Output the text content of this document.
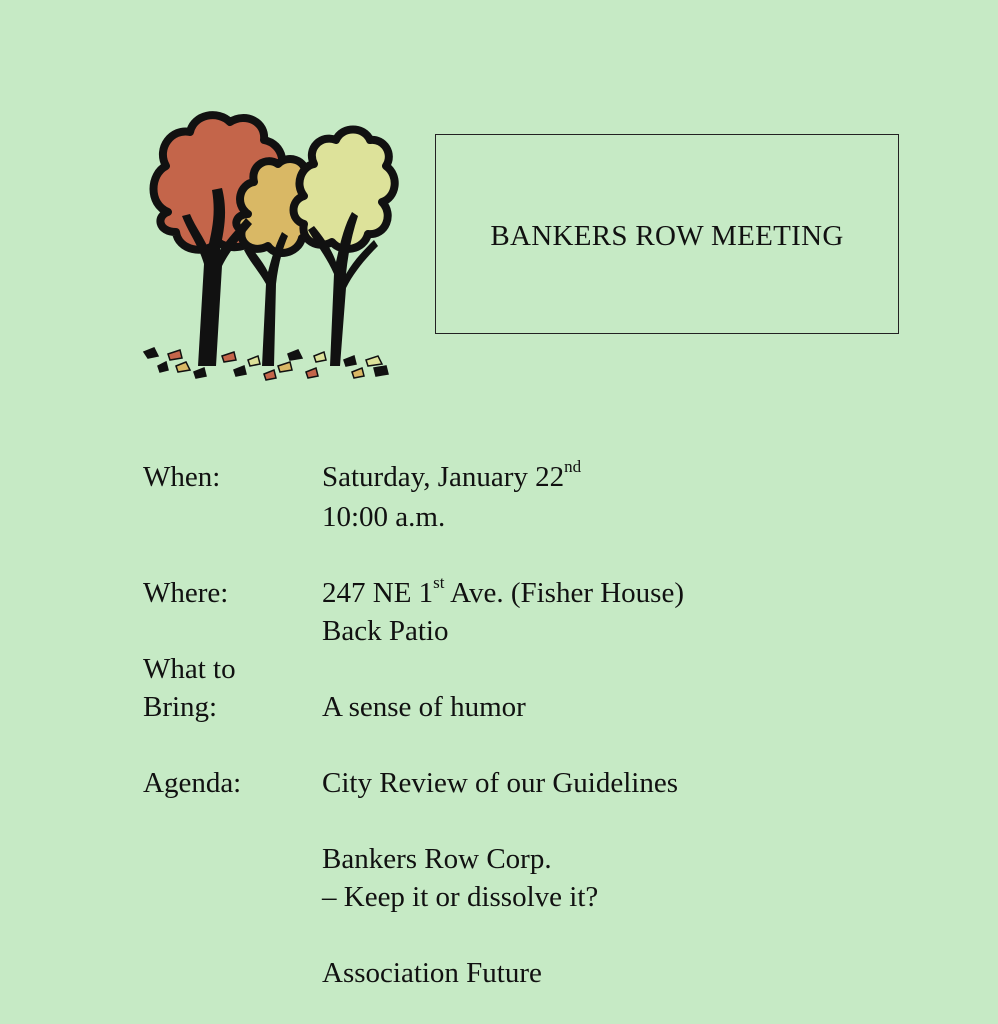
BANKERS ROW MEETING
When:	Saturday, January 22nd
10:00 a.m.
Where:	247 NE 1st Ave. (Fisher House)
Back Patio
What to
Bring:	A sense of humor
Agenda:	City Review of our Guidelines
Bankers Row Corp.
– Keep it or dissolve it?
Association Future
